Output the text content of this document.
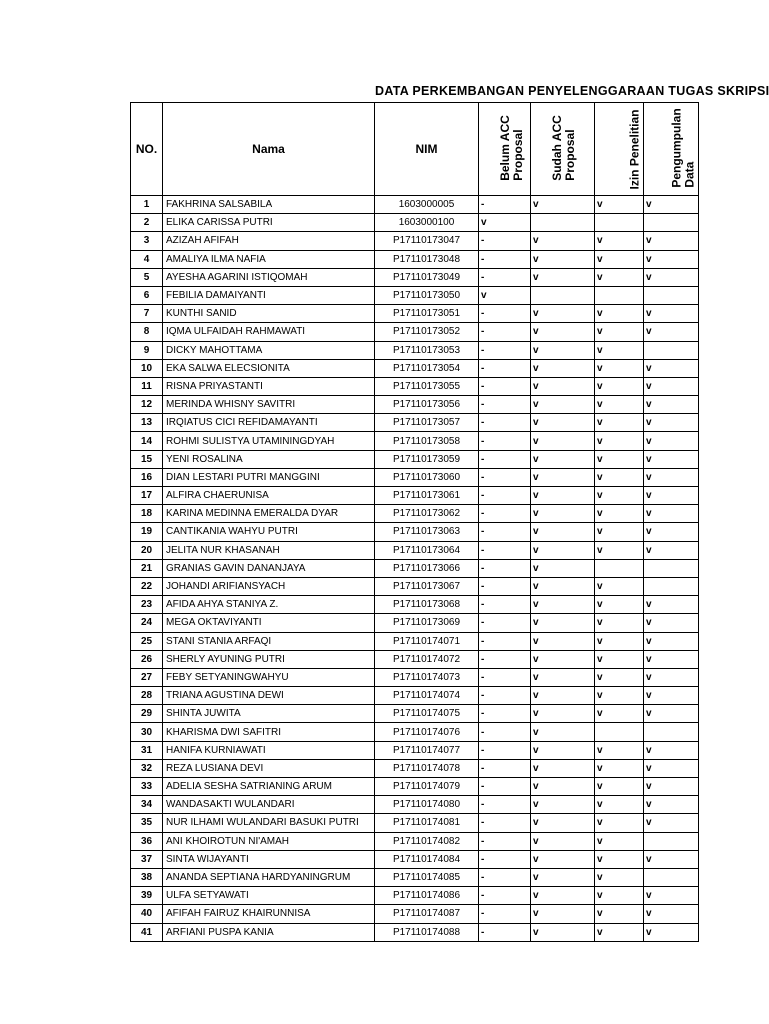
DATA PERKEMBANGAN PENYELENGGARAAN TUGAS SKRIPSI
NO.	Nama	NIM	Belum ACC
Proposal	Sudah ACC
Proposal	Izin Penelitian	Pengumpulan
Data
1	FAKHRINA SALSABILA	1603000005	-	v	v	v
2	ELIKA CARISSA PUTRI	1603000100	v			
3	AZIZAH AFIFAH	P17110173047	-	v	v	v
4	AMALIYA ILMA NAFIA	P17110173048	-	v	v	v
5	AYESHA AGARINI ISTIQOMAH	P17110173049	-	v	v	v
6	FEBILIA DAMAIYANTI	P17110173050	v			
7	KUNTHI SANID	P17110173051	-	v	v	v
8	IQMA ULFAIDAH RAHMAWATI	P17110173052	-	v	v	v
9	DICKY MAHOTTAMA	P17110173053	-	v	v	
10	EKA SALWA ELECSIONITA	P17110173054	-	v	v	v
11	RISNA PRIYASTANTI	P17110173055	-	v	v	v
12	MERINDA WHISNY SAVITRI	P17110173056	-	v	v	v
13	IRQIATUS CICI REFIDAMAYANTI	P17110173057	-	v	v	v
14	ROHMI SULISTYA UTAMININGDYAH	P17110173058	-	v	v	v
15	YENI ROSALINA	P17110173059	-	v	v	v
16	DIAN LESTARI PUTRI MANGGINI	P17110173060	-	v	v	v
17	ALFIRA CHAERUNISA	P17110173061	-	v	v	v
18	KARINA MEDINNA EMERALDA DYAR	P17110173062	-	v	v	v
19	CANTIKANIA WAHYU PUTRI	P17110173063	-	v	v	v
20	JELITA NUR KHASANAH	P17110173064	-	v	v	v
21	GRANIAS GAVIN DANANJAYA	P17110173066	-	v		
22	JOHANDI ARIFIANSYACH	P17110173067	-	v	v	
23	AFIDA AHYA STANIYA Z.	P17110173068	-	v	v	v
24	MEGA OKTAVIYANTI	P17110173069	-	v	v	v
25	STANI STANIA ARFAQI	P17110174071	-	v	v	v
26	SHERLY AYUNING PUTRI	P17110174072	-	v	v	v
27	FEBY SETYANINGWAHYU	P17110174073	-	v	v	v
28	TRIANA AGUSTINA DEWI	P17110174074	-	v	v	v
29	SHINTA JUWITA	P17110174075	-	v	v	v
30	KHARISMA DWI SAFITRI	P17110174076	-	v		
31	HANIFA KURNIAWATI	P17110174077	-	v	v	v
32	REZA LUSIANA DEVI	P17110174078	-	v	v	v
33	ADELIA SESHA SATRIANING ARUM	P17110174079	-	v	v	v
34	WANDASAKTI WULANDARI	P17110174080	-	v	v	v
35	NUR ILHAMI WULANDARI BASUKI PUTRI	P17110174081	-	v	v	v
36	ANI KHOIROTUN NI'AMAH	P17110174082	-	v	v	
37	SINTA WIJAYANTI	P17110174084	-	v	v	v
38	ANANDA SEPTIANA HARDYANINGRUM	P17110174085	-	v	v	
39	ULFA SETYAWATI	P17110174086	-	v	v	v
40	AFIFAH FAIRUZ KHAIRUNNISA	P17110174087	-	v	v	v
41	ARFIANI PUSPA KANIA	P17110174088	-	v	v	v
